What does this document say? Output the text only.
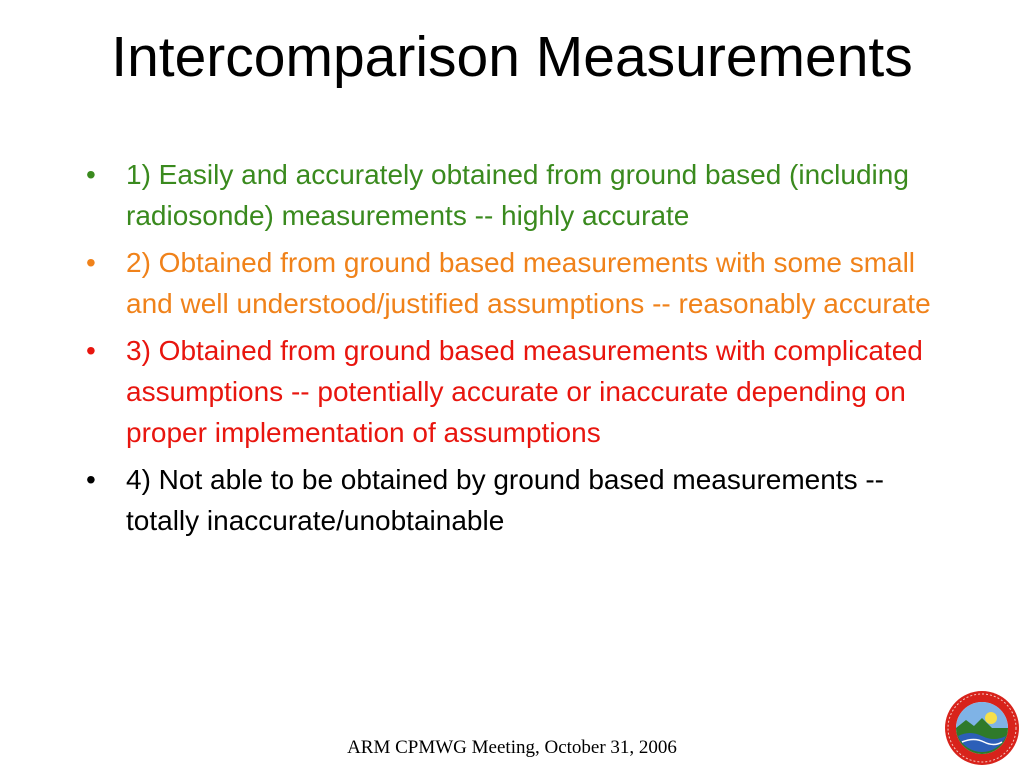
Intercomparison Measurements
• 1) Easily and accurately obtained from ground based (including radiosonde) measurements -- highly accurate
• 2) Obtained from ground based measurements with some small and well understood/justified assumptions -- reasonably accurate
• 3) Obtained from ground based measurements with complicated assumptions -- potentially accurate or inaccurate depending on proper implementation of assumptions
• 4) Not able to be obtained by ground based measurements -- totally inaccurate/unobtainable
ARM CPMWG Meeting, October 31, 2006
